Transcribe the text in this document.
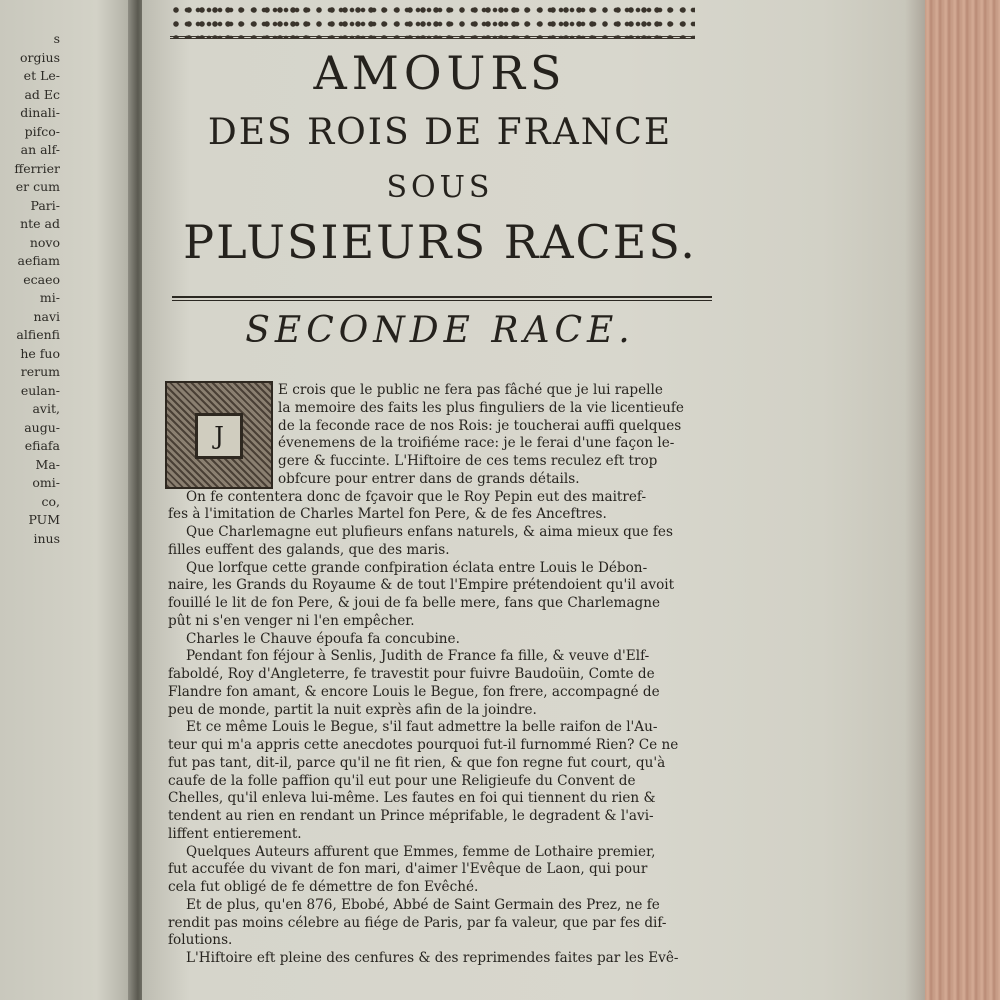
s
orgius
et Le-
ad Ec
dinali-
pifco-
an alf-
fferrier
er cum
Pari-
nte ad
novo
aefiam
ecaeo
mi-
navi
alfienfi
he fuo
rerum
eulan-
avit,
augu-
efiafa
Ma-
omi-
co,
PUM
inus
AMOURS
DES ROIS DE FRANCE
SOUS
PLUSIEURS RACES.
SECONDE RACE.
J
E crois que le public ne fera pas fâché que je lui rapelle
la memoire des faits les plus finguliers de la vie licentieufe
de la feconde race de nos Rois: je toucherai auffi quelques
évenemens de la troifiéme race: je le ferai d'une façon le-
gere & fuccinte. L'Hiftoire de ces tems reculez eft trop
obfcure pour entrer dans de grands détails.
On fe contentera donc de fçavoir que le Roy Pepin eut des maitref-
fes à l'imitation de Charles Martel fon Pere, & de fes Anceftres.
Que Charlemagne eut plufieurs enfans naturels, & aima mieux que fes
filles euffent des galands, que des maris.
Que lorfque cette grande confpiration éclata entre Louis le Débon-
naire, les Grands du Royaume & de tout l'Empire prétendoient qu'il avoit
fouillé le lit de fon Pere, & joui de fa belle mere, fans que Charlemagne
pût ni s'en venger ni l'en empêcher.
Charles le Chauve époufa fa concubine.
Pendant fon féjour à Senlis, Judith de France fa fille, & veuve d'Elf-
faboldé, Roy d'Angleterre, fe travestit pour fuivre Baudoüin, Comte de
Flandre fon amant, & encore Louis le Begue, fon frere, accompagné de
peu de monde, partit la nuit exprès afin de la joindre.
Et ce même Louis le Begue, s'il faut admettre la belle raifon de l'Au-
teur qui m'a appris cette anecdotes pourquoi fut-il furnommé Rien? Ce ne
fut pas tant, dit-il, parce qu'il ne fit rien, & que fon regne fut court, qu'à
caufe de la folle paffion qu'il eut pour une Religieufe du Convent de
Chelles, qu'il enleva lui-même. Les fautes en foi qui tiennent du rien &
tendent au rien en rendant un Prince méprifable, le degradent & l'avi-
liffent entierement.
Quelques Auteurs affurent que Emmes, femme de Lothaire premier,
fut accufée du vivant de fon mari, d'aimer l'Evêque de Laon, qui pour
cela fut obligé de fe démettre de fon Evêché.
Et de plus, qu'en 876, Ebobé, Abbé de Saint Germain des Prez, ne fe
rendit pas moins célebre au fiége de Paris, par fa valeur, que par fes dif-
folutions.
L'Hiftoire eft pleine des cenfures & des reprimendes faites par les Evê-
